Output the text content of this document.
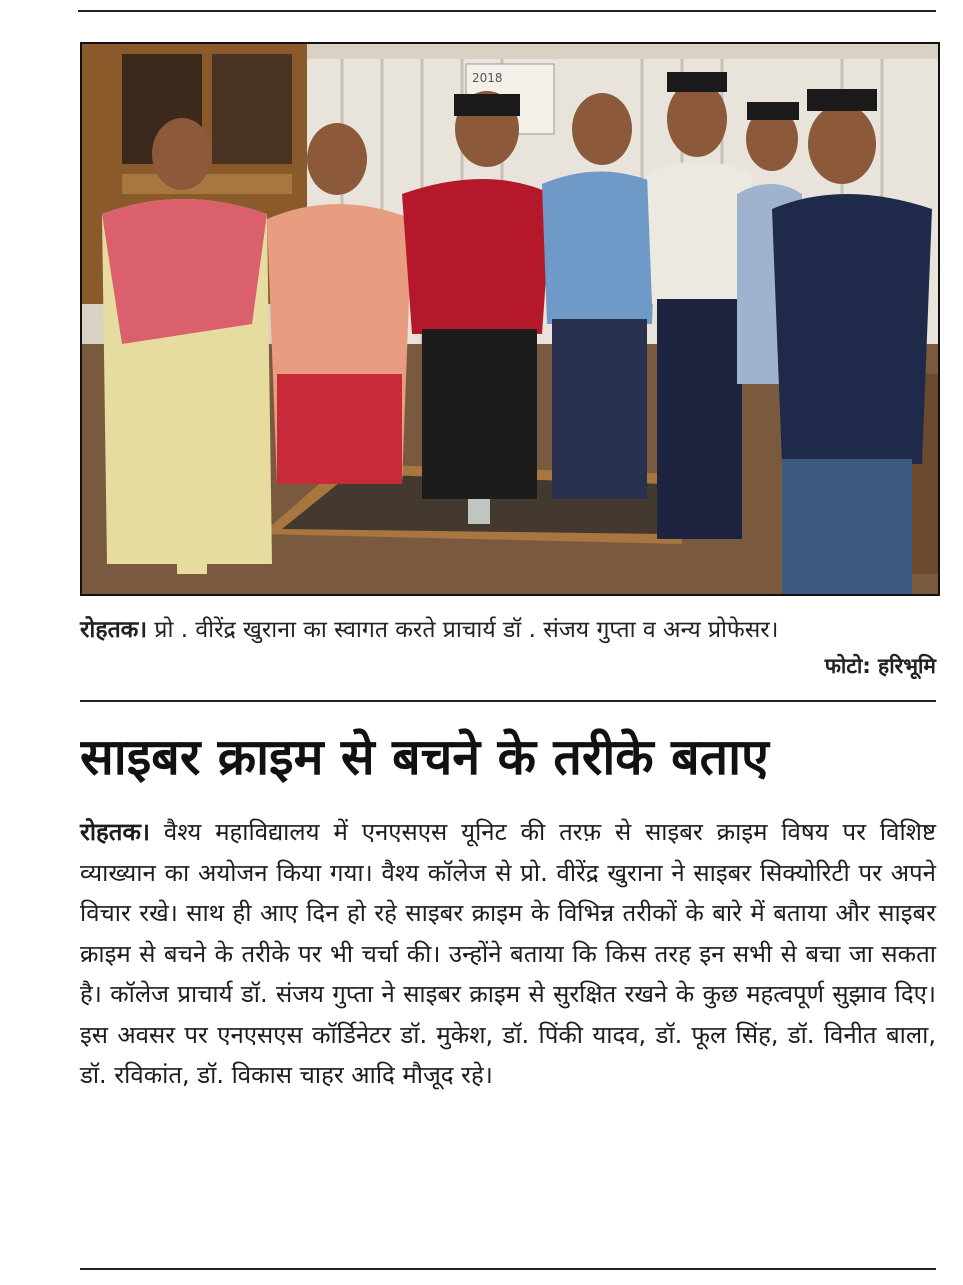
2018
रोहतक। प्रो . वीरेंद्र खुराना का स्वागत करते प्राचार्य डॉ . संजय गुप्ता व अन्य प्रोफेसर।
फोटो: हरिभूमि
साइबर क्राइम से बचने के तरीके बताए
रोहतक। वैश्य महाविद्यालय में एनएसएस यूनिट की तरफ़ से साइबर क्राइम विषय पर विशिष्ट व्याख्यान का अयोजन किया गया। वैश्य कॉलेज से प्रो. वीरेंद्र खुराना ने साइबर सिक्योरिटी पर अपने विचार रखे। साथ ही आए दिन हो रहे साइबर क्राइम के विभिन्न तरीकों के बारे में बताया और साइबर क्राइम से बचने के तरीके पर भी चर्चा की। उन्होंने बताया कि किस तरह इन सभी से बचा जा सकता है। कॉलेज प्राचार्य डॉ. संजय गुप्ता ने साइबर क्राइम से सुरक्षित रखने के कुछ महत्वपूर्ण सुझाव दिए। इस अवसर पर एनएसएस कॉर्डिनेटर डॉ. मुकेश, डॉ. पिंकी यादव, डॉ. फूल सिंह, डॉ. विनीत बाला, डॉ. रविकांत, डॉ. विकास चाहर आदि मौजूद रहे।
